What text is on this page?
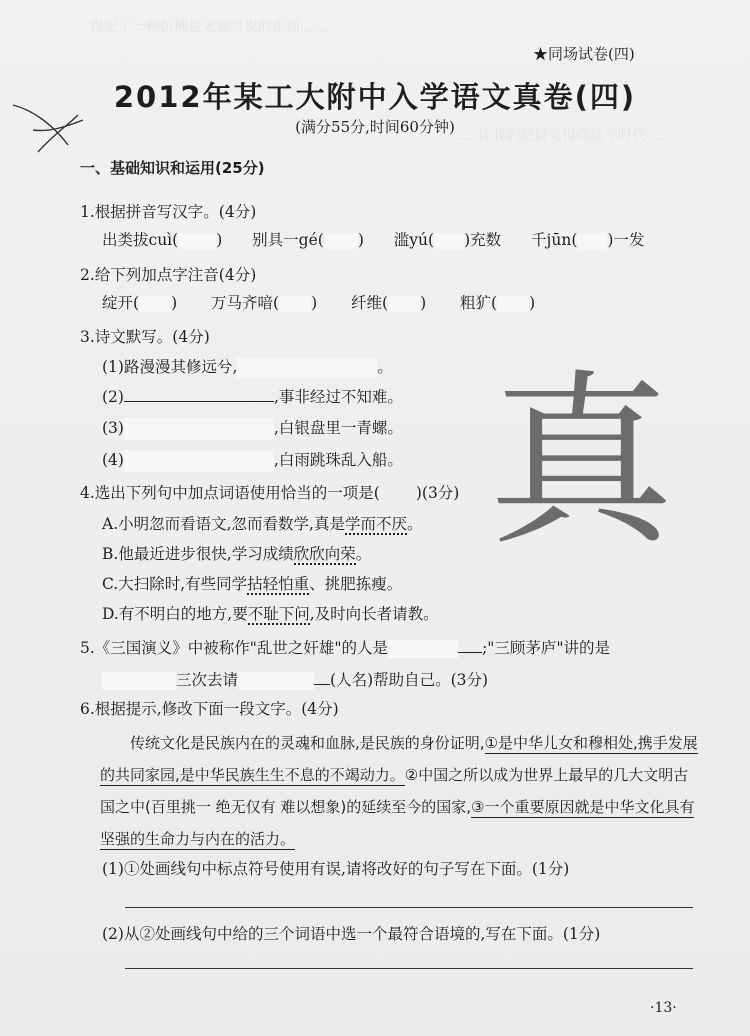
得见了一种仿佛是无需言说的东西……
……让我们把目光投向这个时代……
真
★同场试卷(四)
2012年某工大附中入学语文真卷(四)
(满分55分,时间60分钟)
一、基础知识和运用(25分)
1.根据拼音写汉字。(4分)
出类拔cuì( )  别具一gé( )  滥yú( )充数 千jūn( )一发
2.给下列加点字注音(4分)
绽开( )  万马齐喑( )  纤维( )  粗犷( )
3.诗文默写。(4分)
(1)路漫漫其修远兮,	。
(2)	,事非经过不知难。
(3)	,白银盘里一青螺。
(4)	,白雨跳珠乱入船。
4.选出下列句中加点词语使用恰当的一项是( )(3分)
A.小明忽而看语文,忽而看数学,真是学而不厌。
B.他最近进步很快,学习成绩欣欣向荣。
C.大扫除时,有些同学拈轻怕重、挑肥拣瘦。
D.有不明白的地方,要不耻下问,及时向长者请教。
5.《三国演义》中被称作"乱世之奸雄"的人是	;"三顾茅庐"讲的是
三次去请	(人名)帮助自己。(3分)
6.根据提示,修改下面一段文字。(4分)
传统文化是民族内在的灵魂和血脉,是民族的身份证明,①是中华儿女和穆相处,携手发展的共同家园,是中华民族生生不息的不竭动力。②中国之所以成为世界上最早的几大文明古国之中(百里挑一 绝无仅有 难以想象)的延续至今的国家,③一个重要原因就是中华文化具有坚强的生命力与内在的活力。
(1)①处画线句中标点符号使用有误,请将改好的句子写在下面。(1分)
(2)从②处画线句中给的三个词语中选一个最符合语境的,写在下面。(1分)
·13·
